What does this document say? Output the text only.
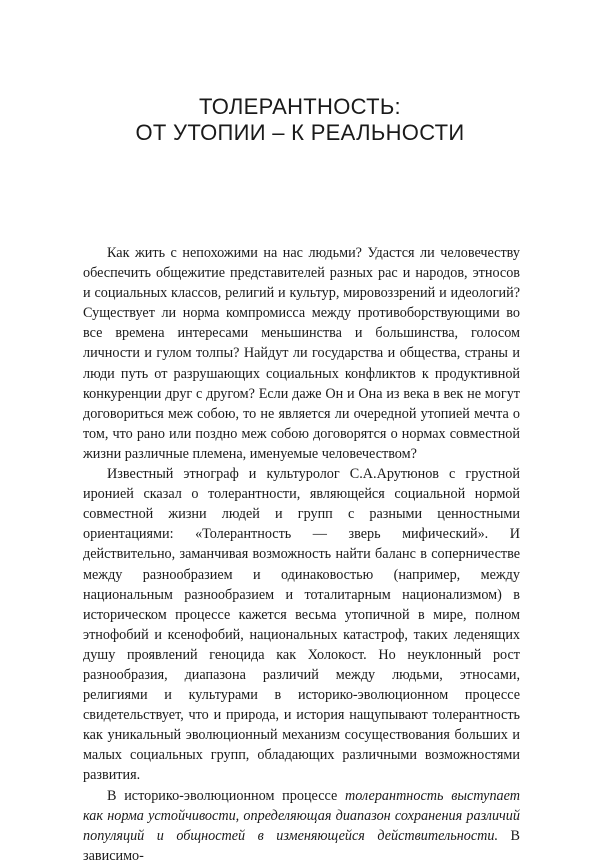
ТОЛЕРАНТНОСТЬ:
ОТ УТОПИИ – К РЕАЛЬНОСТИ

Как жить с непохожими на нас людьми? Удастся ли человечеству обеспечить общежитие представителей разных рас и народов, этносов и социальных классов, религий и культур, мировоззрений и идеологий? Существует ли норма компромисса между противоборствующими во все времена интересами меньшинства и большинства, голосом личности и гулом толпы? Найдут ли государства и общества, страны и люди путь от разрушающих социальных конфликтов к продуктивной конкуренции друг с другом? Если даже Он и Она из века в век не могут договориться меж собою, то не является ли очередной утопией мечта о том, что рано или поздно меж собою договорятся о нормах совместной жизни различные племена, именуемые человечеством?

Известный этнограф и культуролог С.А.Арутюнов с грустной иронией сказал о толерантности, являющейся социальной нормой совместной жизни людей и групп с разными ценностными ориентациями: «Толерантность — зверь мифический». И действительно, заманчивая возможность найти баланс в соперничестве между разнообразием и одинаковостью (например, между национальным разнообразием и тоталитарным национализмом) в историческом процессе кажется весьма утопичной в мире, полном этнофобий и ксенофобий, национальных катастроф, таких леденящих душу проявлений геноцида как Холокост. Но неуклонный рост разнообразия, диапазона различий между людьми, этносами, религиями и культурами в историко-эволюционном процессе свидетельствует, что и природа, и история нащупывают толерантность как уникальный эволюционный механизм сосуществования больших и малых социальных групп, обладающих различными возможностями развития.

В историко-эволюционном процессе толерантность выступает как норма устойчивости, определяющая диапазон сохранения различий популяций и общностей в изменяющейся действительности. В зависимо-
